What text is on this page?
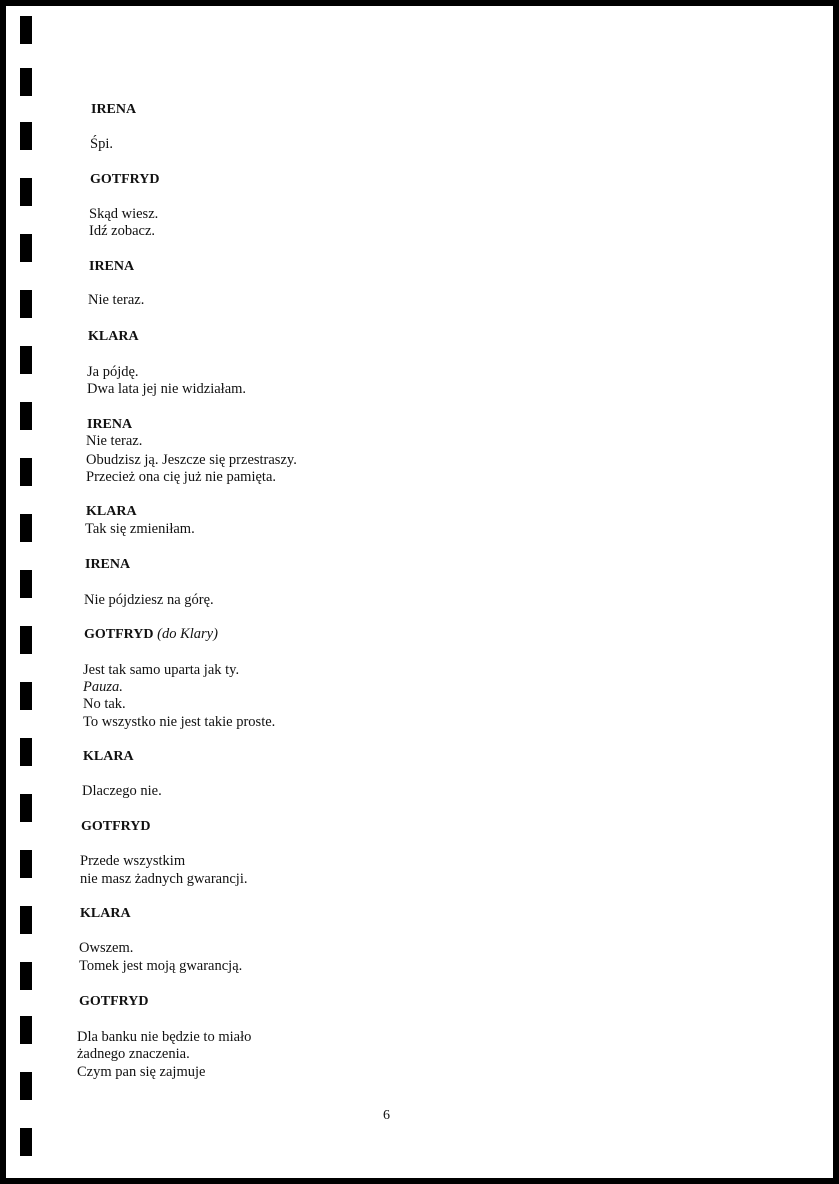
IRENA
Śpi.
GOTFRYD
Skąd wiesz.
Idź zobacz.
IRENA
Nie teraz.
KLARA
Ja pójdę.
Dwa lata jej nie widziałam.
IRENA
Nie teraz.
Obudzisz ją. Jeszcze się przestraszy.
Przecież ona cię już nie pamięta.
KLARA
Tak się zmieniłam.
IRENA
Nie pójdziesz na górę.
GOTFRYD (do Klary)
Jest tak samo uparta jak ty.
Pauza.
No tak.
To wszystko nie jest takie proste.
KLARA
Dlaczego nie.
GOTFRYD
Przede wszystkim
nie masz żadnych gwarancji.
KLARA
Owszem.
Tomek jest moją gwarancją.
GOTFRYD
Dla banku nie będzie to miało
żadnego znaczenia.
Czym pan się zajmuje
6
